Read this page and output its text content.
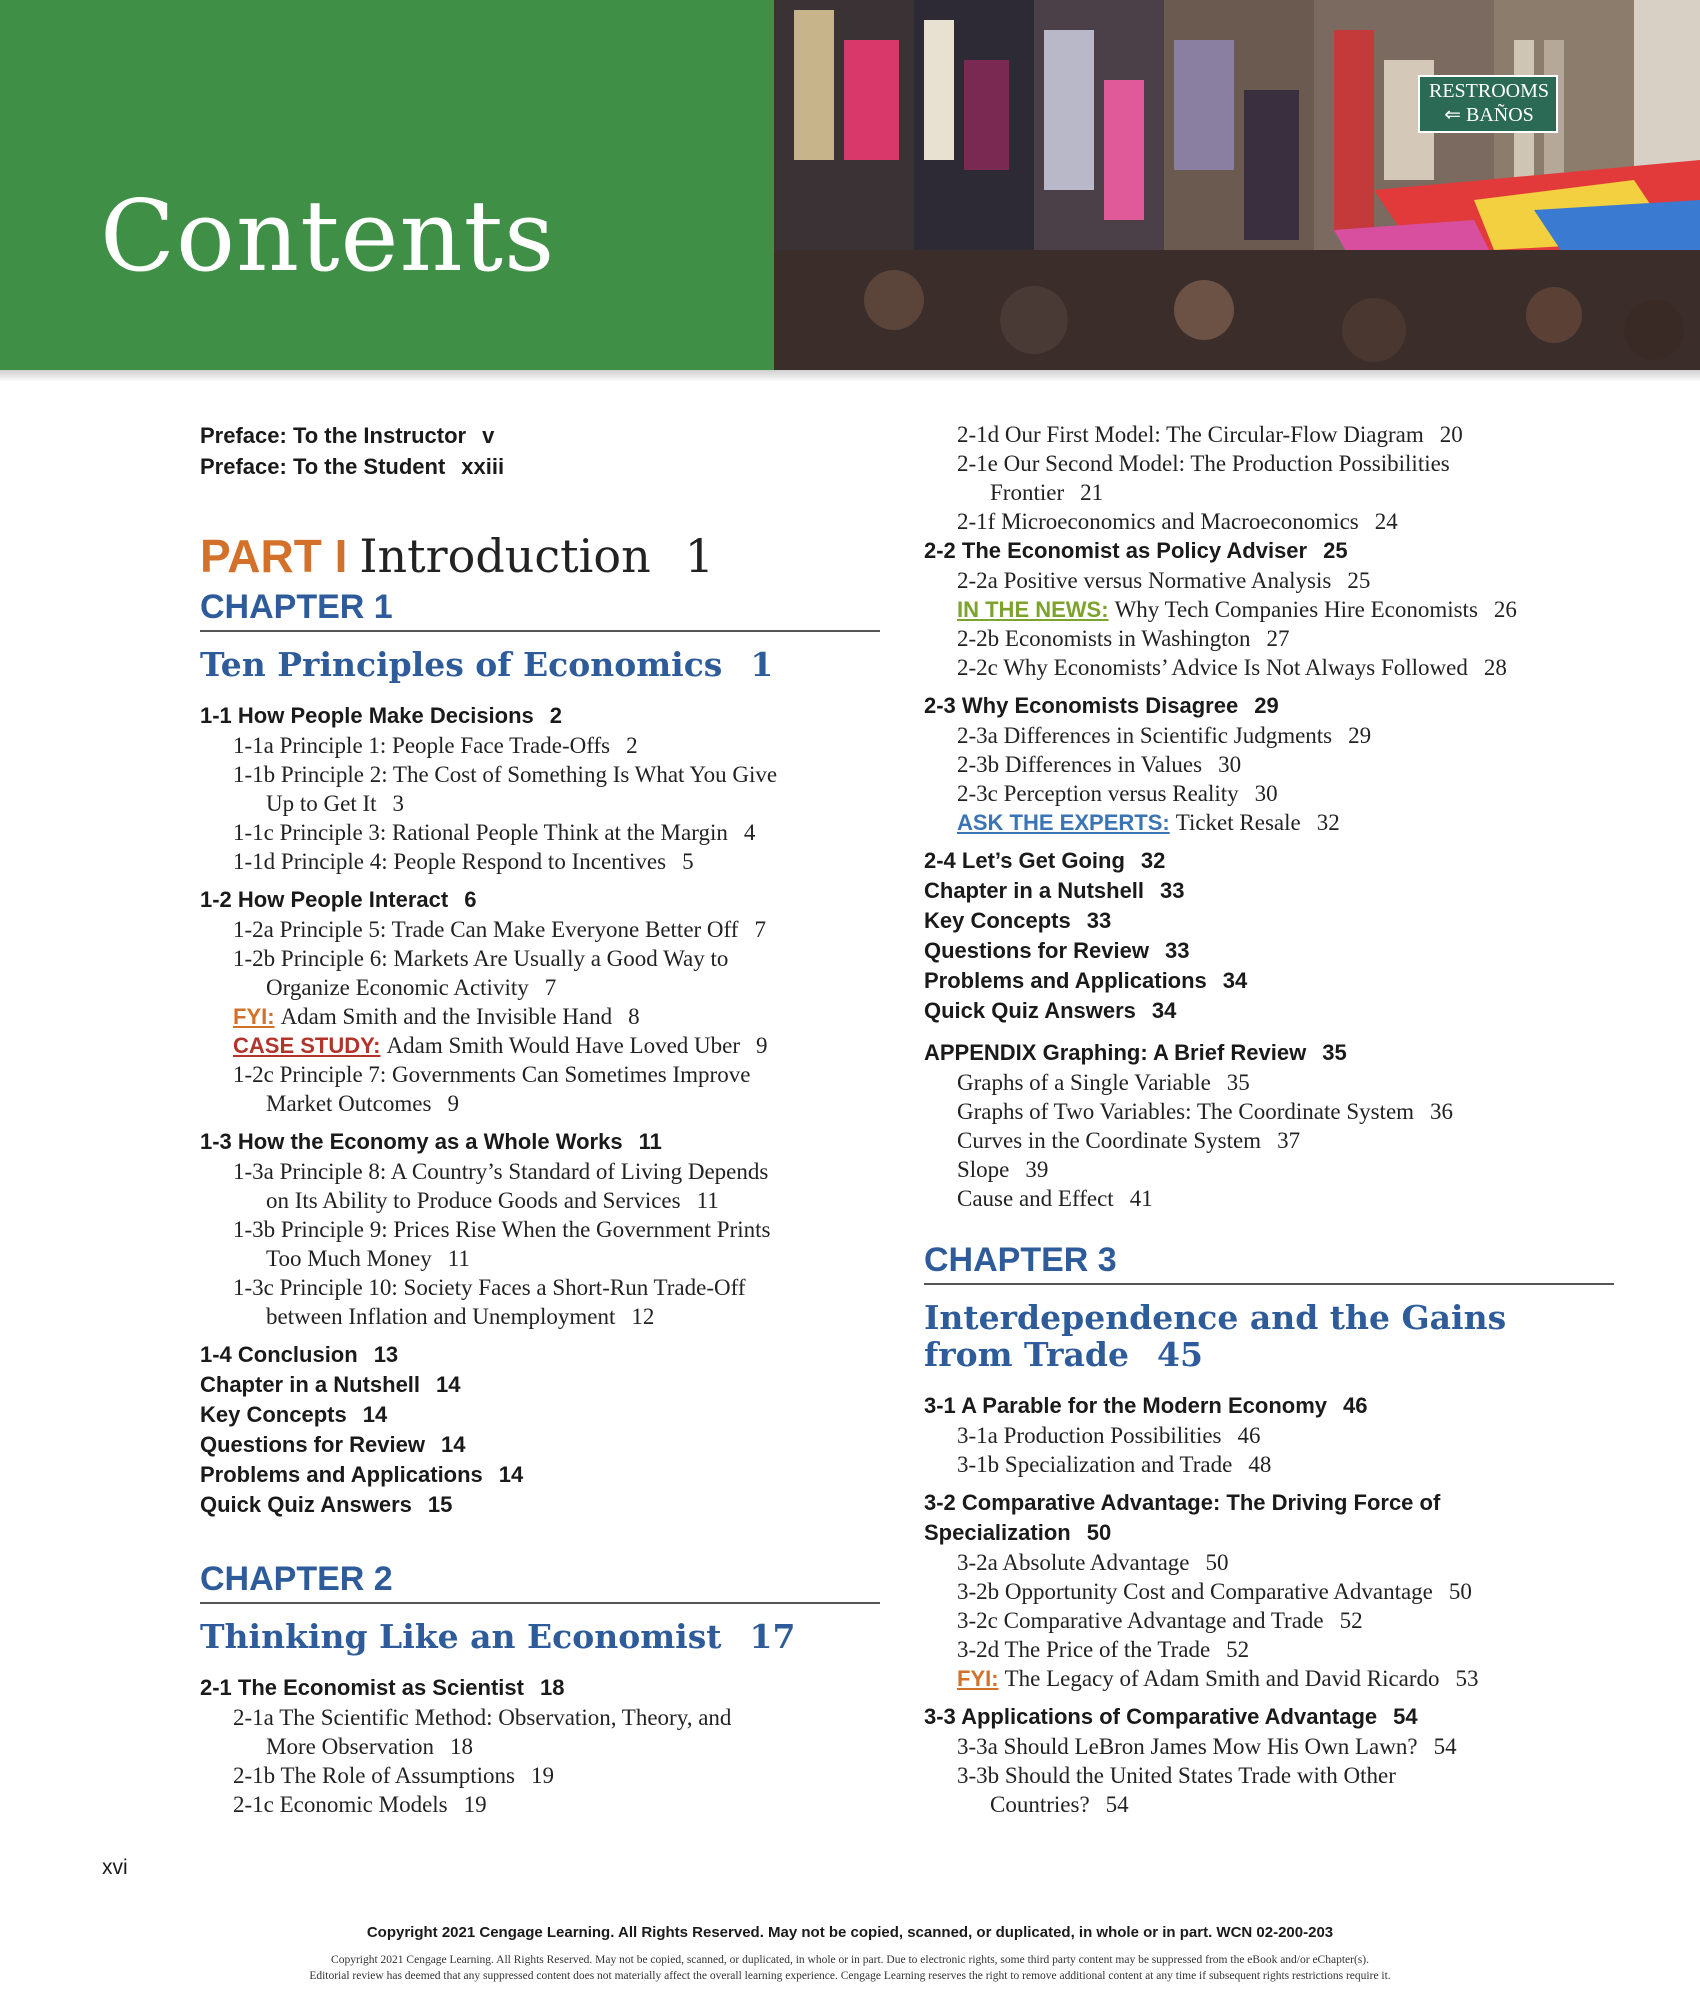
Contents
RESTROOMS
⇐ BAÑOS
Preface: To the Instructor v
Preface: To the Student xxiii
PART I Introduction 1
CHAPTER 1
Ten Principles of Economics 1
1-1 How People Make Decisions 2
1-1a Principle 1: People Face Trade-Offs 2
1-1b Principle 2: The Cost of Something Is What You Give
Up to Get It 3
1-1c Principle 3: Rational People Think at the Margin 4
1-1d Principle 4: People Respond to Incentives 5
1-2 How People Interact 6
1-2a Principle 5: Trade Can Make Everyone Better Off 7
1-2b Principle 6: Markets Are Usually a Good Way to
Organize Economic Activity 7
FYI: Adam Smith and the Invisible Hand 8
CASE STUDY: Adam Smith Would Have Loved Uber 9
1-2c Principle 7: Governments Can Sometimes Improve
Market Outcomes 9
1-3 How the Economy as a Whole Works 11
1-3a Principle 8: A Country’s Standard of Living Depends
on Its Ability to Produce Goods and Services 11
1-3b Principle 9: Prices Rise When the Government Prints
Too Much Money 11
1-3c Principle 10: Society Faces a Short-Run Trade-Off
between Inflation and Unemployment 12
1-4 Conclusion 13
Chapter in a Nutshell 14
Key Concepts 14
Questions for Review 14
Problems and Applications 14
Quick Quiz Answers 15
CHAPTER 2
Thinking Like an Economist 17
2-1 The Economist as Scientist 18
2-1a The Scientific Method: Observation, Theory, and
More Observation 18
2-1b The Role of Assumptions 19
2-1c Economic Models 19
2-1d Our First Model: The Circular-Flow Diagram 20
2-1e Our Second Model: The Production Possibilities
Frontier 21
2-1f Microeconomics and Macroeconomics 24
2-2 The Economist as Policy Adviser 25
2-2a Positive versus Normative Analysis 25
IN THE NEWS: Why Tech Companies Hire Economists 26
2-2b Economists in Washington 27
2-2c Why Economists’ Advice Is Not Always Followed 28
2-3 Why Economists Disagree 29
2-3a Differences in Scientific Judgments 29
2-3b Differences in Values 30
2-3c Perception versus Reality 30
ASK THE EXPERTS: Ticket Resale 32
2-4 Let’s Get Going 32
Chapter in a Nutshell 33
Key Concepts 33
Questions for Review 33
Problems and Applications 34
Quick Quiz Answers 34
APPENDIX Graphing: A Brief Review 35
Graphs of a Single Variable 35
Graphs of Two Variables: The Coordinate System 36
Curves in the Coordinate System 37
Slope 39
Cause and Effect 41
CHAPTER 3
Interdependence and the Gains
from Trade 45
3-1 A Parable for the Modern Economy 46
3-1a Production Possibilities 46
3-1b Specialization and Trade 48
3-2 Comparative Advantage: The Driving Force of
Specialization 50
3-2a Absolute Advantage 50
3-2b Opportunity Cost and Comparative Advantage 50
3-2c Comparative Advantage and Trade 52
3-2d The Price of the Trade 52
FYI: The Legacy of Adam Smith and David Ricardo 53
3-3 Applications of Comparative Advantage 54
3-3a Should LeBron James Mow His Own Lawn? 54
3-3b Should the United States Trade with Other
Countries? 54
xvi
Copyright 2021 Cengage Learning. All Rights Reserved. May not be copied, scanned, or duplicated, in whole or in part. WCN 02-200-203
Copyright 2021 Cengage Learning. All Rights Reserved. May not be copied, scanned, or duplicated, in whole or in part. Due to electronic rights, some third party content may be suppressed from the eBook and/or eChapter(s).
Editorial review has deemed that any suppressed content does not materially affect the overall learning experience. Cengage Learning reserves the right to remove additional content at any time if subsequent rights restrictions require it.
